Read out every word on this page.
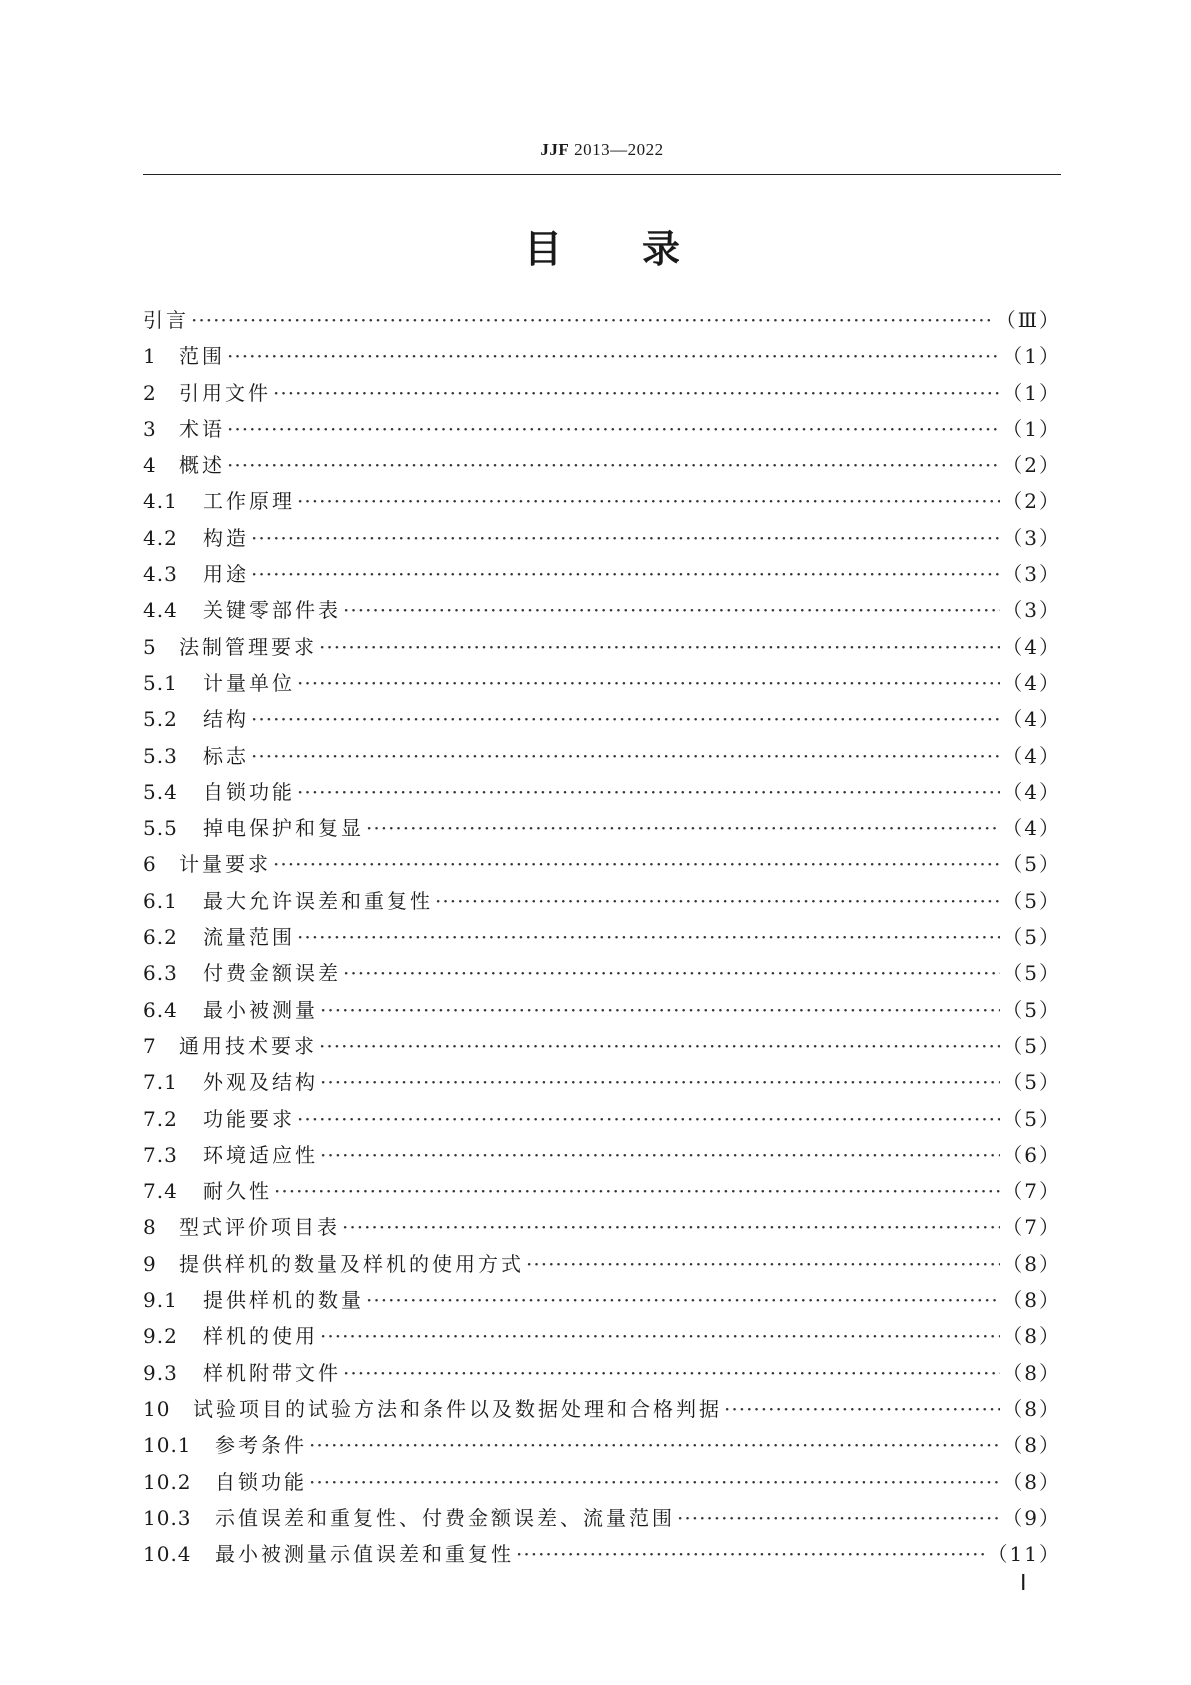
JJF 2013—2022
目 录
引言 ·····	（Ⅲ）
1	范围 ·····	（1）
2	引用文件 ·····	（1）
3	术语 ·····	（1）
4	概述 ·····	（2）
4.1	工作原理 ·····	（2）
4.2	构造 ·····	（3）
4.3	用途 ·····	（3）
4.4	关键零部件表 ·····	（3）
5	法制管理要求 ·····	（4）
5.1	计量单位 ·····	（4）
5.2	结构 ·····	（4）
5.3	标志 ·····	（4）
5.4	自锁功能 ·····	（4）
5.5	掉电保护和复显 ·····	（4）
6	计量要求 ·····	（5）
6.1	最大允许误差和重复性 ·····	（5）
6.2	流量范围 ·····	（5）
6.3	付费金额误差 ·····	（5）
6.4	最小被测量 ·····	（5）
7	通用技术要求 ·····	（5）
7.1	外观及结构 ·····	（5）
7.2	功能要求 ·····	（5）
7.3	环境适应性 ·····	（6）
7.4	耐久性 ·····	（7）
8	型式评价项目表 ·····	（7）
9	提供样机的数量及样机的使用方式 ·····	（8）
9.1	提供样机的数量 ·····	（8）
9.2	样机的使用 ·····	（8）
9.3	样机附带文件 ·····	（8）
10	试验项目的试验方法和条件以及数据处理和合格判据 ·····	（8）
10.1	参考条件 ·····	（8）
10.2	自锁功能 ·····	（8）
10.3	示值误差和重复性、付费金额误差、流量范围 ·····	（9）
10.4	最小被测量示值误差和重复性 ·····	（11）
Ⅰ
